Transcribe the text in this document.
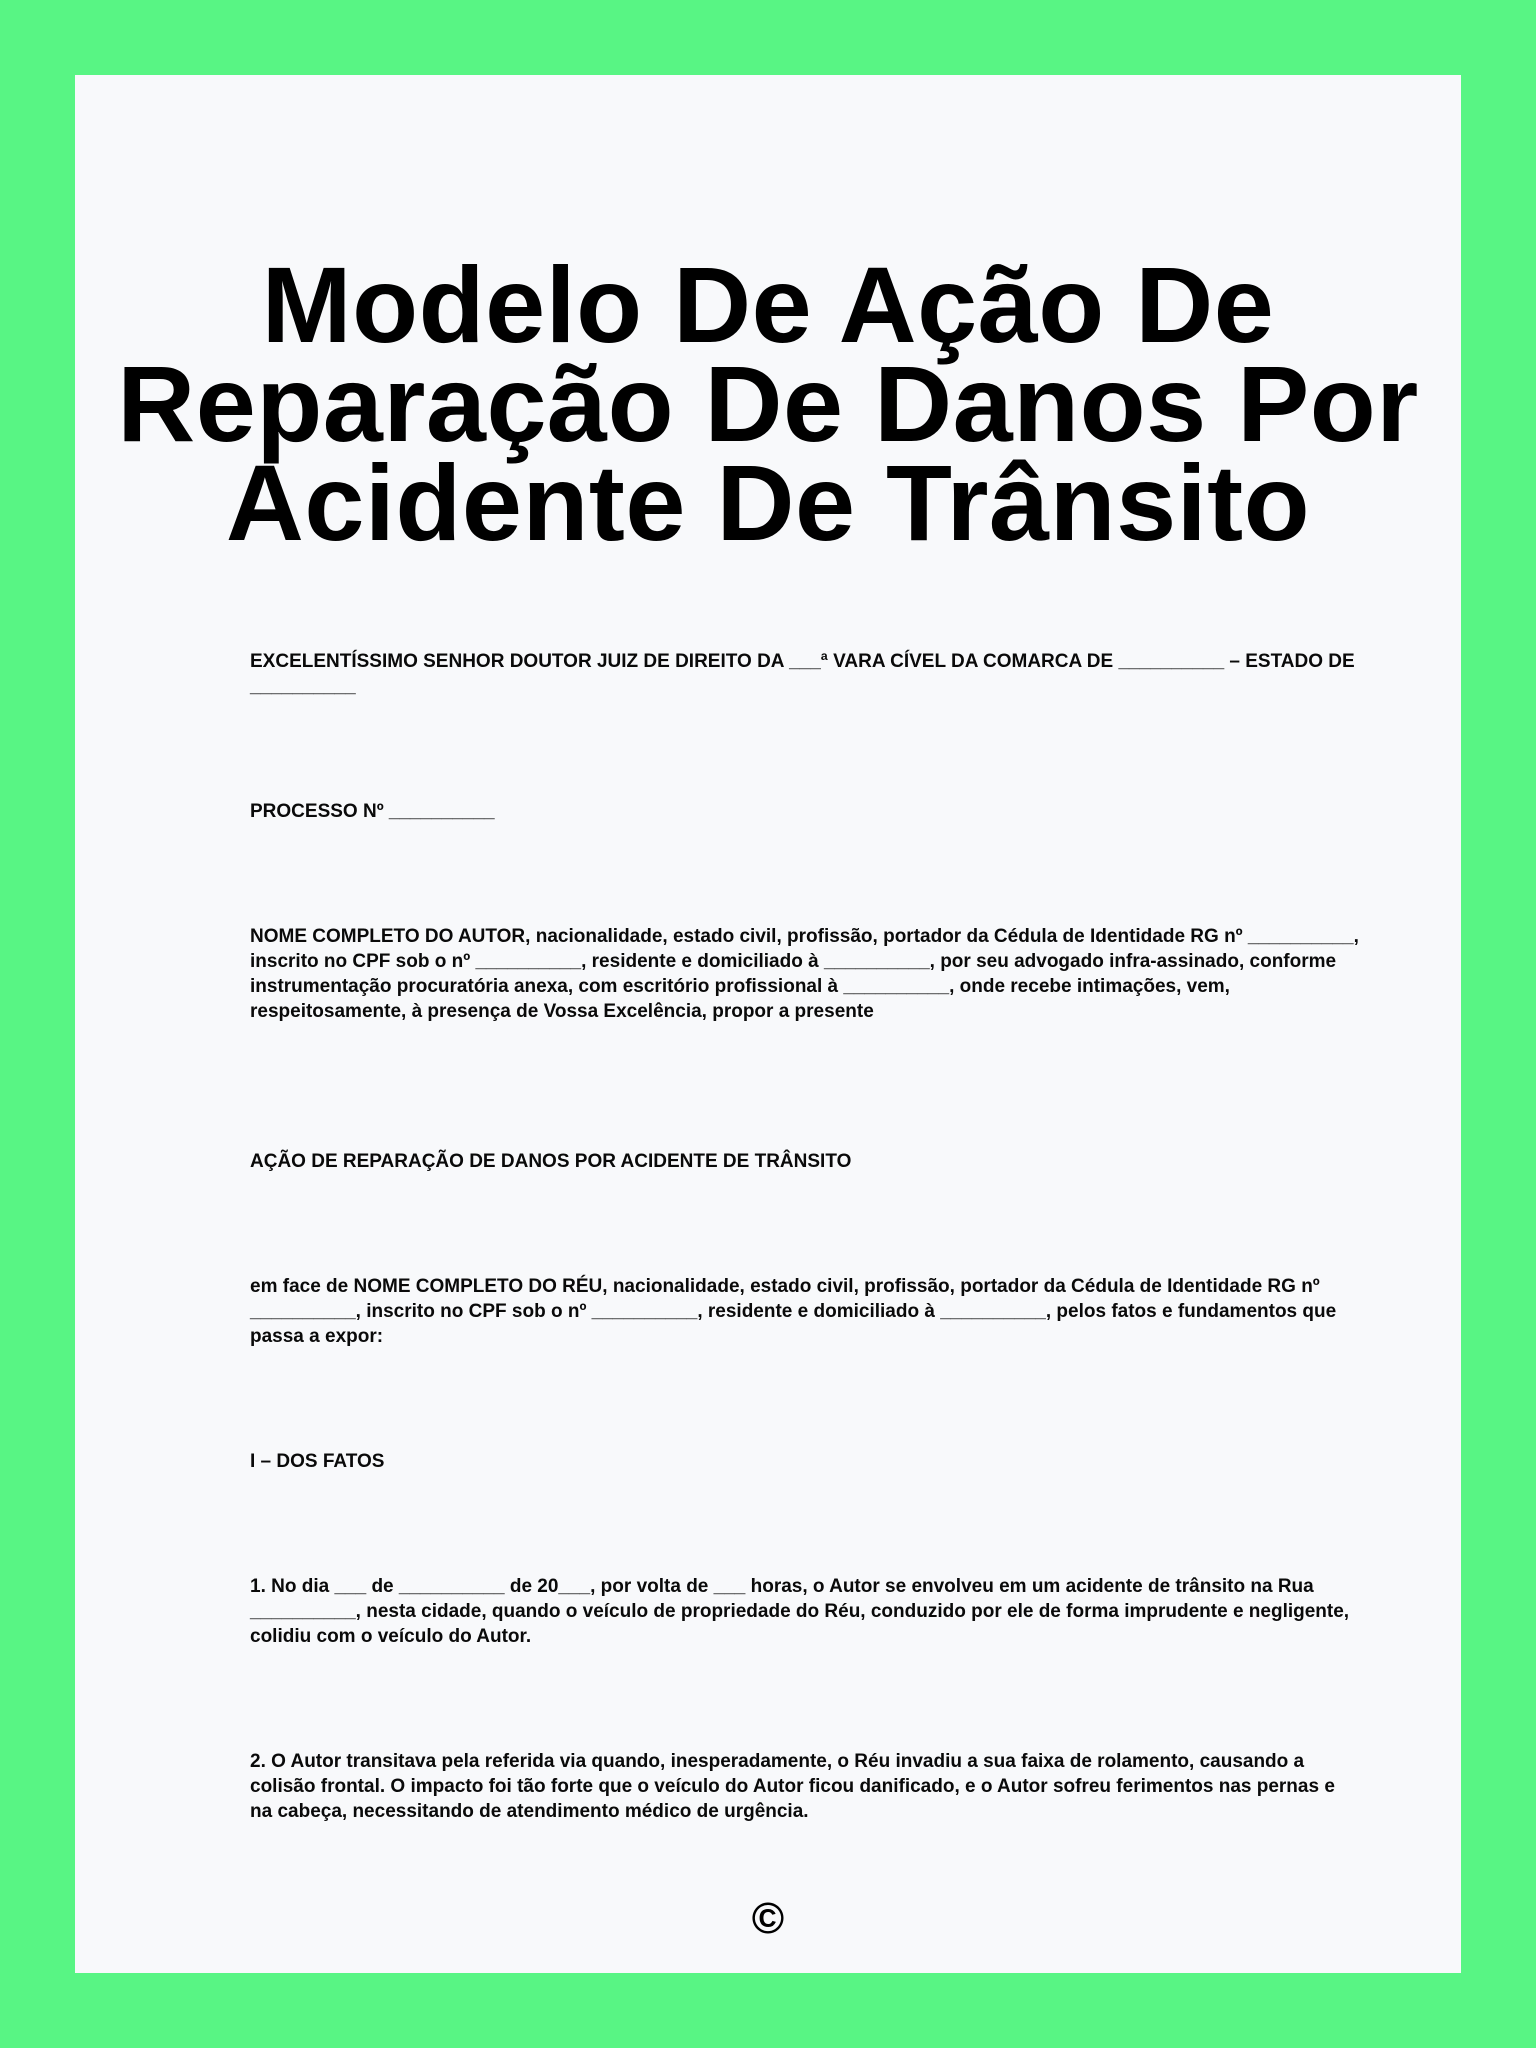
Modelo De Ação De
Reparação De Danos Por
Acidente De Trânsito

EXCELENTÍSSIMO SENHOR DOUTOR JUIZ DE DIREITO DA ___ª VARA CÍVEL DA COMARCA DE __________ – ESTADO DE __________

PROCESSO Nº __________

NOME COMPLETO DO AUTOR, nacionalidade, estado civil, profissão, portador da Cédula de Identidade RG nº __________, inscrito no CPF sob o nº __________, residente e domiciliado à __________, por seu advogado infra-assinado, conforme instrumentação procuratória anexa, com escritório profissional à __________, onde recebe intimações, vem, respeitosamente, à presença de Vossa Excelência, propor a presente

AÇÃO DE REPARAÇÃO DE DANOS POR ACIDENTE DE TRÂNSITO

em face de NOME COMPLETO DO RÉU, nacionalidade, estado civil, profissão, portador da Cédula de Identidade RG nº __________, inscrito no CPF sob o nº __________, residente e domiciliado à __________, pelos fatos e fundamentos que passa a expor:

I – DOS FATOS

1. No dia ___ de __________ de 20___, por volta de ___ horas, o Autor se envolveu em um acidente de trânsito na Rua __________, nesta cidade, quando o veículo de propriedade do Réu, conduzido por ele de forma imprudente e negligente, colidiu com o veículo do Autor.

2. O Autor transitava pela referida via quando, inesperadamente, o Réu invadiu a sua faixa de rolamento, causando a colisão frontal. O impacto foi tão forte que o veículo do Autor ficou danificado, e o Autor sofreu ferimentos nas pernas e na cabeça, necessitando de atendimento médico de urgência.

©
